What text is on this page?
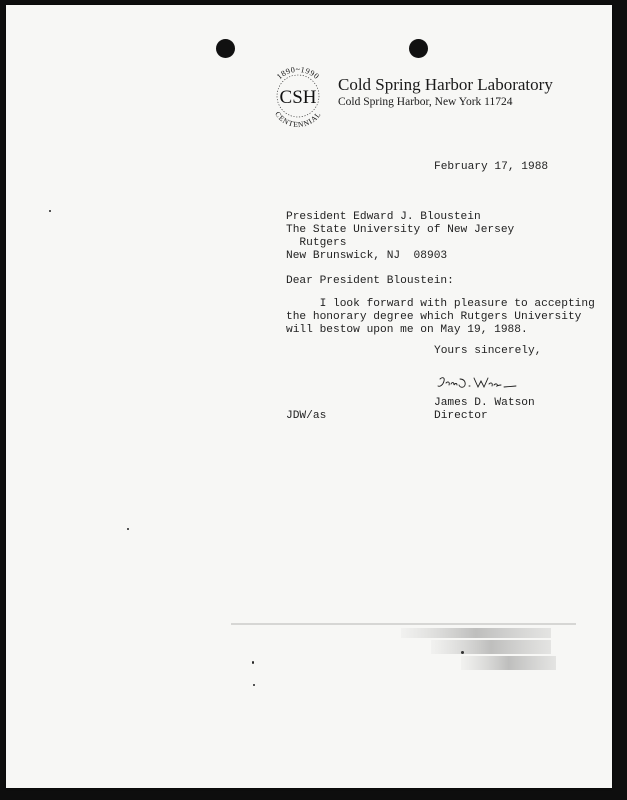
CSH
1890~1990
CENTENNIAL
Cold Spring Harbor Laboratory
Cold Spring Harbor, New York 11724
February 17, 1988
President Edward J. Bloustein
The State University of New Jersey
Rutgers
New Brunswick, NJ  08903
Dear President Bloustein:
I look forward with pleasure to accepting
the honorary degree which Rutgers University
will bestow upon me on May 19, 1988.
Yours sincerely,
James D. Watson
JDW/as	Director
